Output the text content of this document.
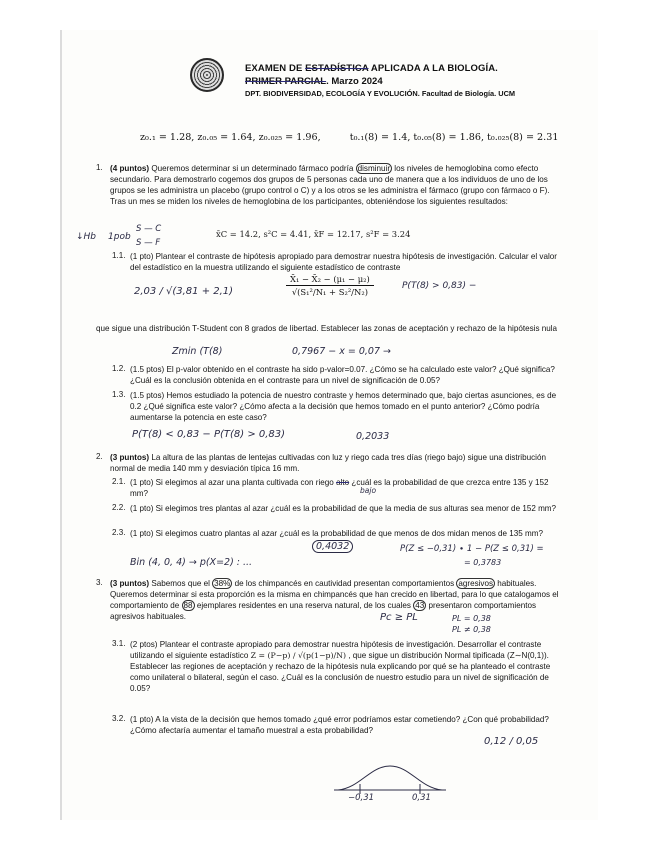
EXAMEN DE ESTADÍSTICA APLICADA A LA BIOLOGÍA.
PRIMER PARCIAL. Marzo 2024
DPT. BIODIVERSIDAD, ECOLOGÍA Y EVOLUCIÓN. Facultad de Biología. UCM
z₀.₁ = 1.28, z₀.₀₅ = 1.64, z₀.₀₂₅ = 1.96,	t₀.₁(8) = 1.4, t₀.₀₅(8) = 1.86, t₀.₀₂₅(8) = 2.31
1. (4 puntos) Queremos determinar si un determinado fármaco podría disminuir los niveles de hemoglobina como efecto secundario. Para demostrarlo cogemos dos grupos de 5 personas cada uno de manera que a los individuos de uno de los grupos se les administra un placebo (grupo control o C) y a los otros se les administra el fármaco (grupo con fármaco o F). Tras un mes se miden los niveles de hemoglobina de los participantes, obteniéndose los siguientes resultados:
x̄C = 14.2, s²C = 4.41, x̄F = 12.17, s²F = 3.24
↓Hb 1pob
S — C
S — F
1.1. (1 pto) Plantear el contraste de hipótesis apropiado para demostrar nuestra hipótesis de investigación. Calcular el valor del estadístico en la muestra utilizando el siguiente estadístico de contraste
2,03 / √(3,81 + 2,1)	$\frac{\text{X̄₁ − X̄₂ − (μ₁ − μ₂)}}{\text{√(S₁²/N₁ + S₂²/N₂)}}$	P(T(8) > 0,83) −
que sigue una distribución T-Student con 8 grados de libertad. Establecer las zonas de aceptación y rechazo de la hipótesis nula
Zmin (T(8)	0,7967 − x = 0,07 →
1.2. (1.5 ptos) El p-valor obtenido en el contraste ha sido p-valor=0.07. ¿Cómo se ha calculado este valor? ¿Qué significa? ¿Cuál es la conclusión obtenida en el contraste para un nivel de significación de 0.05?
1.3. (1.5 ptos) Hemos estudiado la potencia de nuestro contraste y hemos determinado que, bajo ciertas asunciones, es de 0.2 ¿Qué significa este valor? ¿Cómo afecta a la decisión que hemos tomado en el punto anterior? ¿Cómo podría aumentarse la potencia en este caso?
P(T(8) < 0,83 − P(T(8) > 0,83)	0,2033
2. (3 puntos) La altura de las plantas de lentejas cultivadas con luz y riego cada tres días (riego bajo) sigue una distribución normal de media 140 mm y desviación típica 16 mm.
2.1. (1 pto) Si elegimos al azar una planta cultivada con riego alto ¿cuál es la probabilidad de que crezca entre 135 y 152 mm?	bajo
2.2. (1 pto) Si elegimos tres plantas al azar ¿cuál es la probabilidad de que la media de sus alturas sea menor de 152 mm?
2.3. (1 pto) Si elegimos cuatro plantas al azar ¿cuál es la probabilidad de que menos de dos midan menos de 135 mm?
0,4032	P(Z ≤ −0,31) ∙ 1 − P(Z ≤ 0,31) =
= 0,3783
Bin (4, 0, 4) → p(X=2) : ...
3. (3 puntos) Sabemos que el 38% de los chimpancés en cautividad presentan comportamientos agresivos habituales. Queremos determinar si esta proporción es la misma en chimpancés que han crecido en libertad, para lo que catalogamos el comportamiento de 88 ejemplares residentes en una reserva natural, de los cuales 43 presentaron comportamientos agresivos habituales.	Pc ≥ PL	PL = 0,38
PL ≠ 0,38
3.1. (2 ptos) Plantear el contraste apropiado para demostrar nuestra hipótesis de investigación. Desarrollar el contraste utilizando el siguiente estadístico Z = (P−p) / √(p(1−p)/N) , que sigue un distribución Normal tipificada (Z∼N(0,1)). Establecer las regiones de aceptación y rechazo de la hipótesis nula explicando por qué se ha planteado el contraste como unilateral o bilateral, según el caso. ¿Cuál es la conclusión de nuestro estudio para un nivel de significación de 0.05?
3.2. (1 pto) A la vista de la decisión que hemos tomado ¿qué error podríamos estar cometiendo? ¿Con qué probabilidad? ¿Cómo afectaría aumentar el tamaño muestral a esta probabilidad?
0,12 / 0,05
−0,31	0,31
